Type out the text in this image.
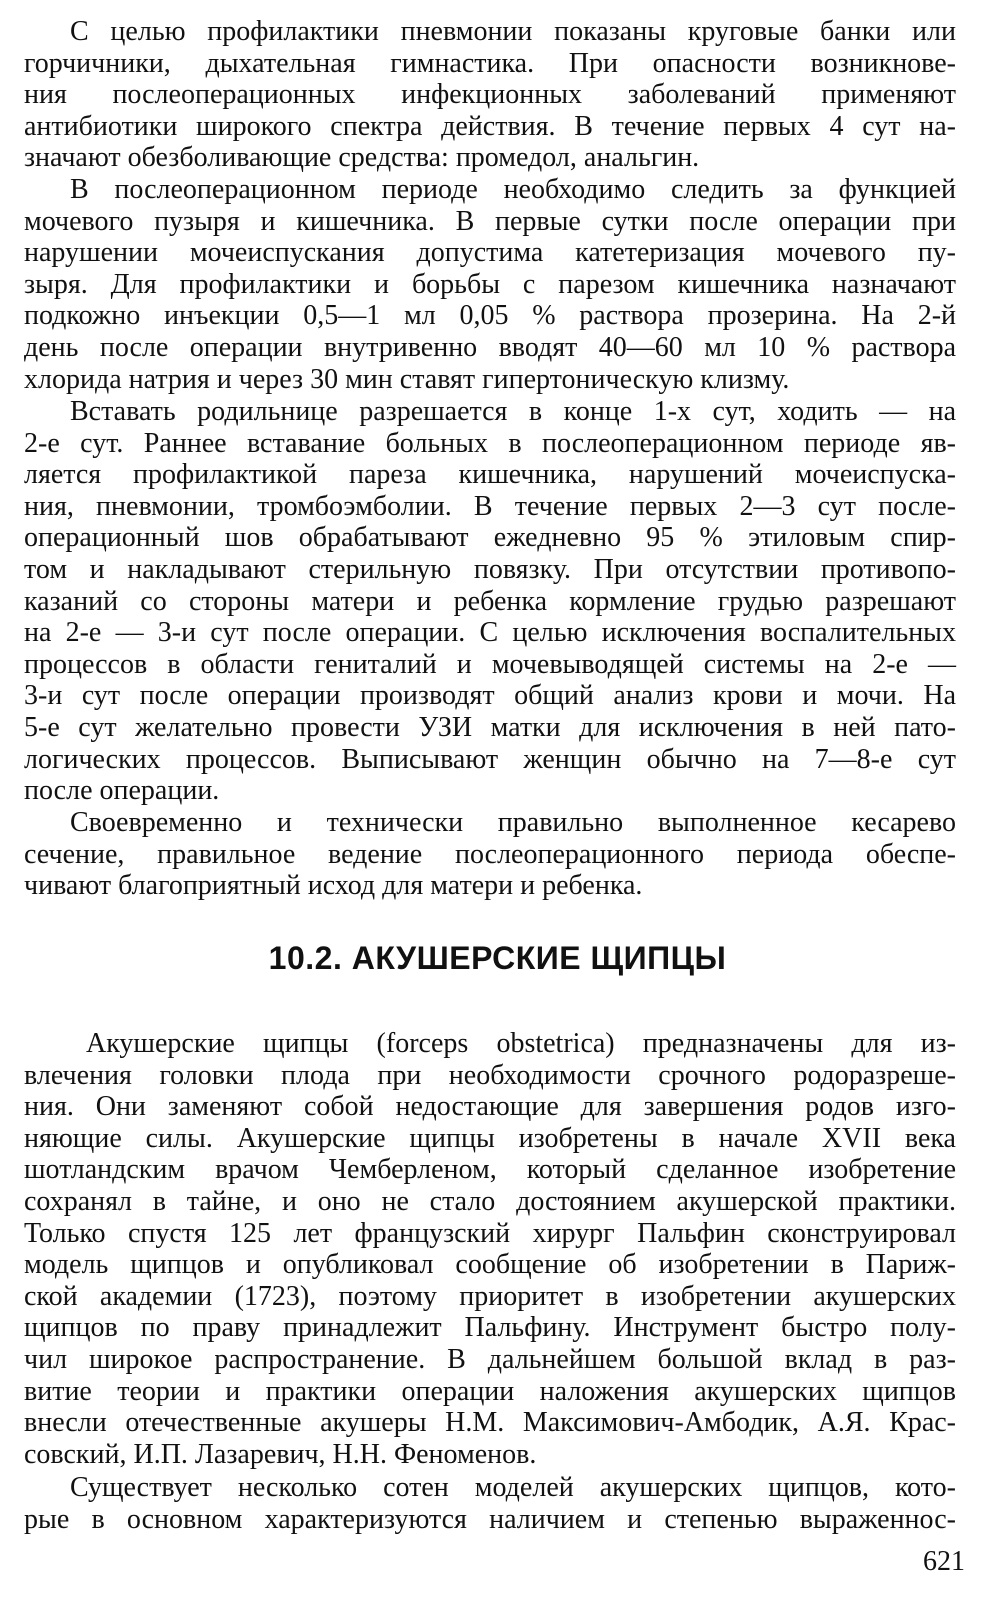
С целью профилактики пневмонии показаны круговые банки или
горчичники, дыхательная гимнастика. При опасности возникнове-
ния послеоперационных инфекционных заболеваний применяют
антибиотики широкого спектра действия. В течение первых 4 сут на-
значают обезболивающие средства: промедол, анальгин.
В послеоперационном периоде необходимо следить за функцией
мочевого пузыря и кишечника. В первые сутки после операции при
нарушении мочеиспускания допустима катетеризация мочевого пу-
зыря. Для профилактики и борьбы с парезом кишечника назначают
подкожно инъекции 0,5—1 мл 0,05 % раствора прозерина. На 2-й
день после операции внутривенно вводят 40—60 мл 10 % раствора
хлорида натрия и через 30 мин ставят гипертоническую клизму.
Вставать родильнице разрешается в конце 1-х сут, ходить — на
2-е сут. Раннее вставание больных в послеоперационном периоде яв-
ляется профилактикой пареза кишечника, нарушений мочеиспуска-
ния, пневмонии, тромбоэмболии. В течение первых 2—3 сут после-
операционный шов обрабатывают ежедневно 95 % этиловым спир-
том и накладывают стерильную повязку. При отсутствии противопо-
казаний со стороны матери и ребенка кормление грудью разрешают
на 2-е — 3-и сут после операции. С целью исключения воспалительных
процессов в области гениталий и мочевыводящей системы на 2-е —
3-и сут после операции производят общий анализ крови и мочи. На
5-е сут желательно провести УЗИ матки для исключения в ней пато-
логических процессов. Выписывают женщин обычно на 7—8-е сут
после операции.
Своевременно и технически правильно выполненное кесарево
сечение, правильное ведение послеоперационного периода обеспе-
чивают благоприятный исход для матери и ребенка.
Акушерские щипцы (forceps obstetrica) предназначены для из-
влечения головки плода при необходимости срочного родоразреше-
ния. Они заменяют собой недостающие для завершения родов изго-
няющие силы. Акушерские щипцы изобретены в начале XVII века
шотландским врачом Чемберленом, который сделанное изобретение
сохранял в тайне, и оно не стало достоянием акушерской практики.
Только спустя 125 лет французский хирург Пальфин сконструировал
модель щипцов и опубликовал сообщение об изобретении в Париж-
ской академии (1723), поэтому приоритет в изобретении акушерских
щипцов по праву принадлежит Пальфину. Инструмент быстро полу-
чил широкое распространение. В дальнейшем большой вклад в раз-
витие теории и практики операции наложения акушерских щипцов
внесли отечественные акушеры Н.М. Максимович-Амбодик, А.Я. Крас-
совский, И.П. Лазаревич, Н.Н. Феноменов.
Существует несколько сотен моделей акушерских щипцов, кото-
рые в основном характеризуются наличием и степенью выраженнос-
10.2. АКУШЕРСКИЕ ЩИПЦЫ
621
